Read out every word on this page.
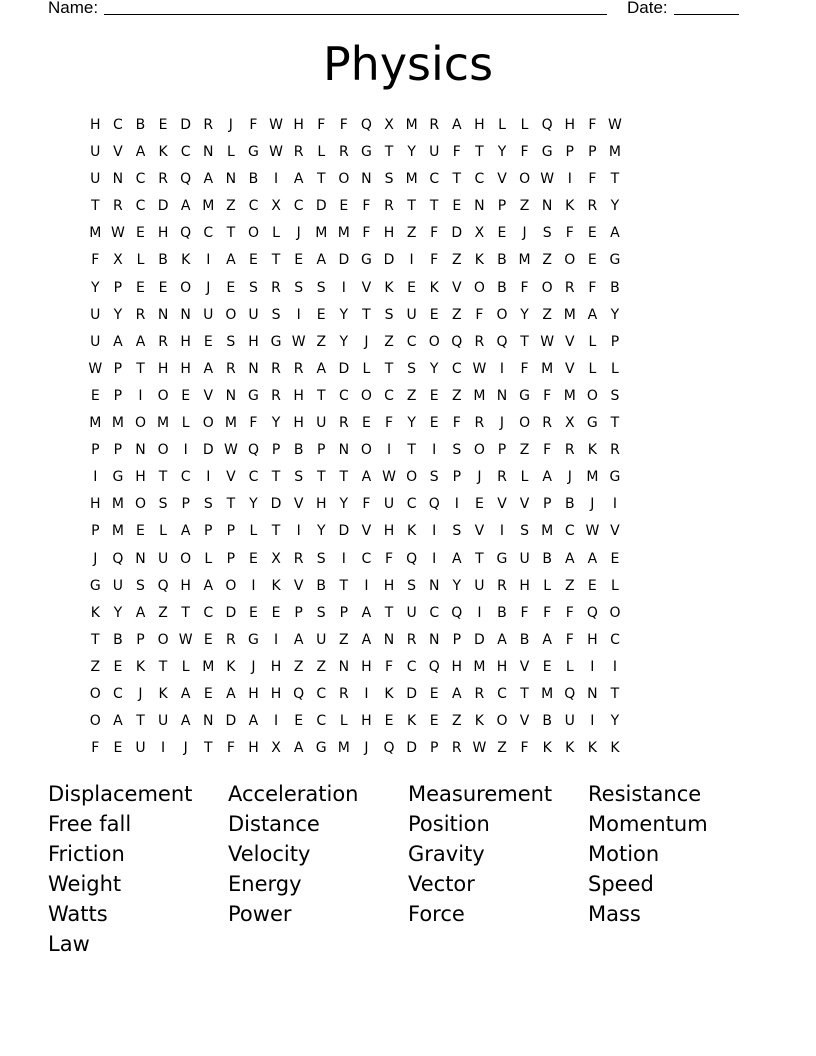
Name:	Date:
Physics
H C B E D R	J	F W H F	F Q X M R A H L	L Q H F W
U V A K C N L G W R L R G T	Y U F	T	Y	F G P	P M
U N C R Q A N B	I	A T O N S M C T C V O W I	F	T
T R C D A M Z C X C D E	F R T	T E N P Z N K R Y
M W E H Q C T O L	J	M M F H Z F D X E	J	S	F	E A
F X L B K	I	A E T E A D G D	I	F Z K B M Z O E G
Y	P E E O	J	E S R S S	I	V K E K V O B F O R F B
U Y R N N U O U S	I	E Y	T S U E Z F O Y Z M A Y
U A A R H E S H G W Z Y	J	Z C O Q R Q T W V L	P
W P	T H H A R N R R A D L	T S Y C W I	F M V L	L
E P	I	O E V N G R H T C O C Z E Z M N G F M O S
M M O M L O M F	Y H U R E	F	Y E	F R	J	O R X G T
P	P N O	I	D W Q P B P N O	I	T	I	S O P Z F R K R
I	G H T C	I	V C T S T	T A W O S P	J	R L A	J	M G
H M O S P S T	Y D V H Y	F U C Q	I	E V V P B	J	I
P M E	L A P	P	L	T	I	Y D V H K	I	S V	I	S M C W V
J	Q N U O L	P E X R S	I	C F Q	I	A T G U B A A E
G U S Q H A O	I	K V B T	I	H S N Y U R H L Z E	L
K Y A Z T C D E E P S P A T U C Q	I	B F	F	F Q O
T B P O W E R G	I	A U Z A N R N P D A B A F H C
Z E K T	L M K	J	H Z Z N H F C Q H M H V E	L	I	I
O C	J	K A E A H H Q C R	I	K D E A R C T M Q N T
O A T U A N D A	I	E C L H E K E Z K O V B U	I	Y
F	E U	I	J	T	F H X A G M	J	Q D P R W Z F K K K K
Displacement	Acceleration	Measurement	Resistance
Free fall	Distance	Position	Momentum
Friction	Velocity	Gravity	Motion
Weight	Energy	Vector	Speed
Watts	Power	Force	Mass
Law
